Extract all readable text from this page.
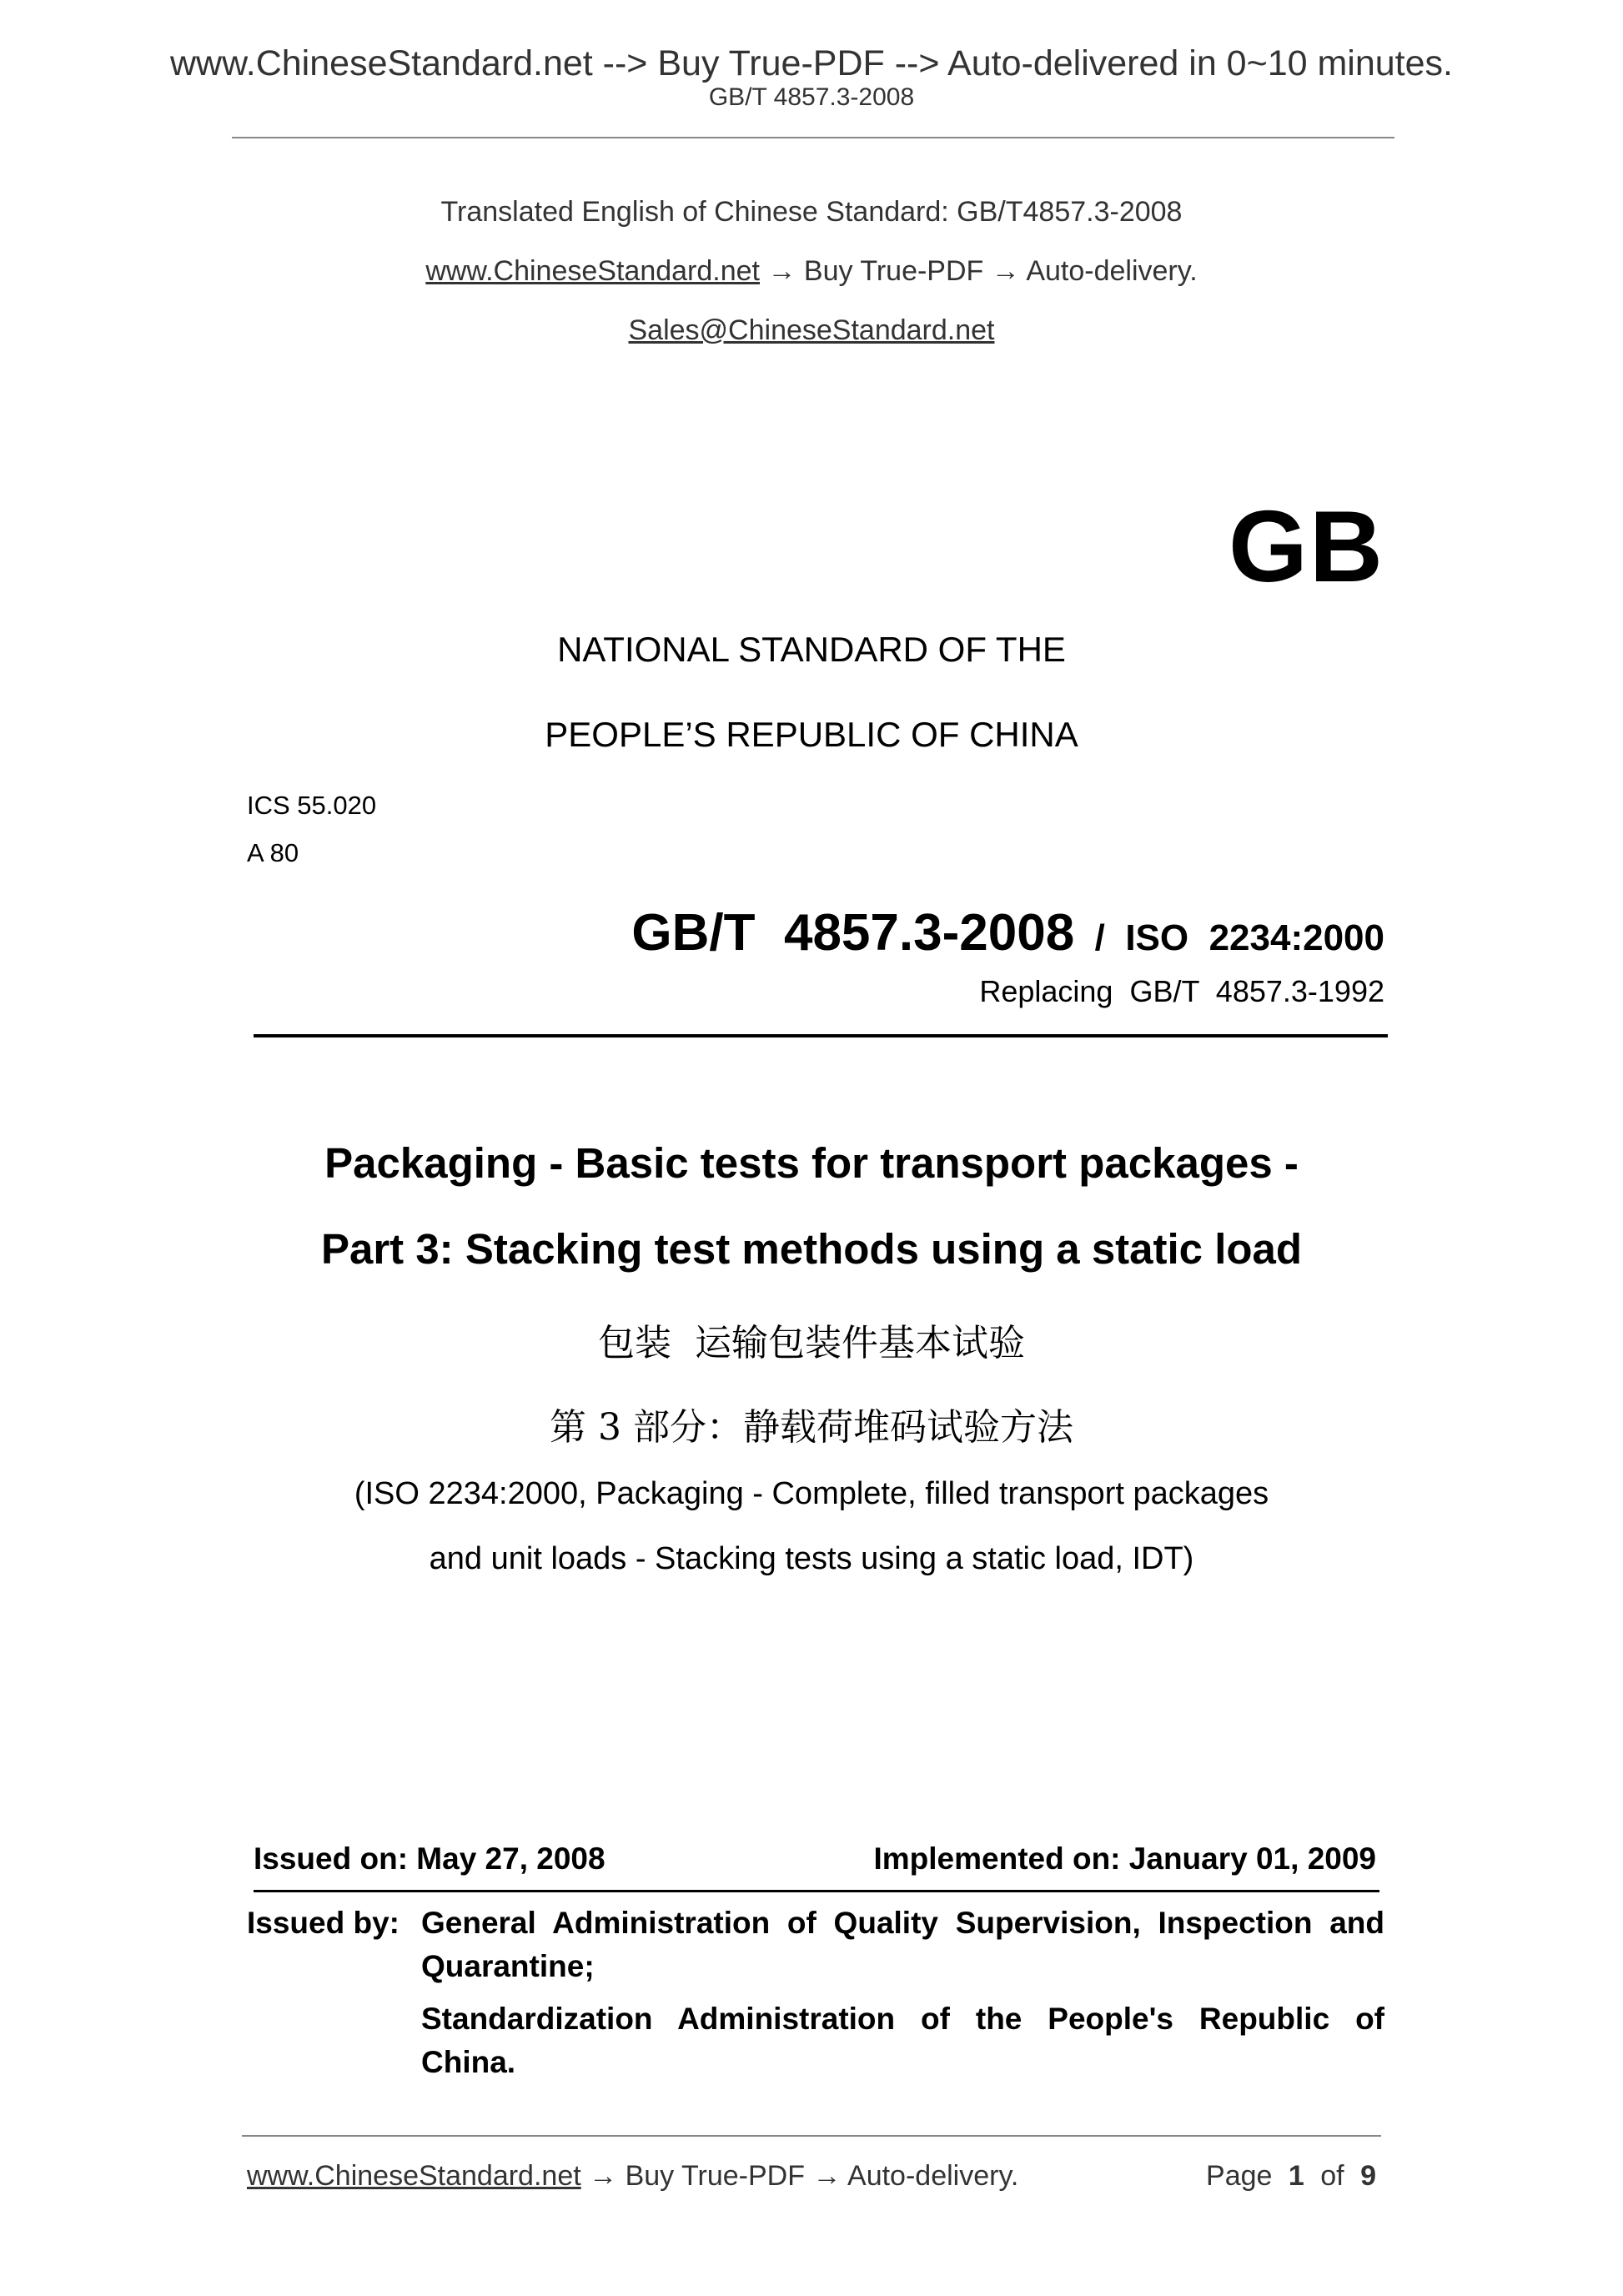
www.ChineseStandard.net --> Buy True-PDF --> Auto-delivered in 0~10 minutes.
GB/T 4857.3-2008
Translated English of Chinese Standard: GB/T4857.3-2008
www.ChineseStandard.net → Buy True-PDF → Auto-delivery.
Sales@ChineseStandard.net
GB
NATIONAL STANDARD OF THE
PEOPLE’S REPUBLIC OF CHINA
ICS 55.020
A 80

GB/T  4857.3-2008 / ISO 2234:2000

Replacing  GB/T  4857.3-1992
Packaging - Basic tests for transport packages -
Part 3: Stacking test methods using a static load
包装  运输包装件基本试验
第 3 部分：静载荷堆码试验方法
(ISO 2234:2000, Packaging - Complete, filled transport packages
and unit loads - Stacking tests using a static load, IDT)
Issued on: May 27, 2008	Implemented on: January 01, 2009
Issued by: General Administration of Quality Supervision, Inspection and
Quarantine;
Standardization Administration of the People's Republic of
China.
www.ChineseStandard.net → Buy True-PDF → Auto-delivery.	Page 1 of 9
